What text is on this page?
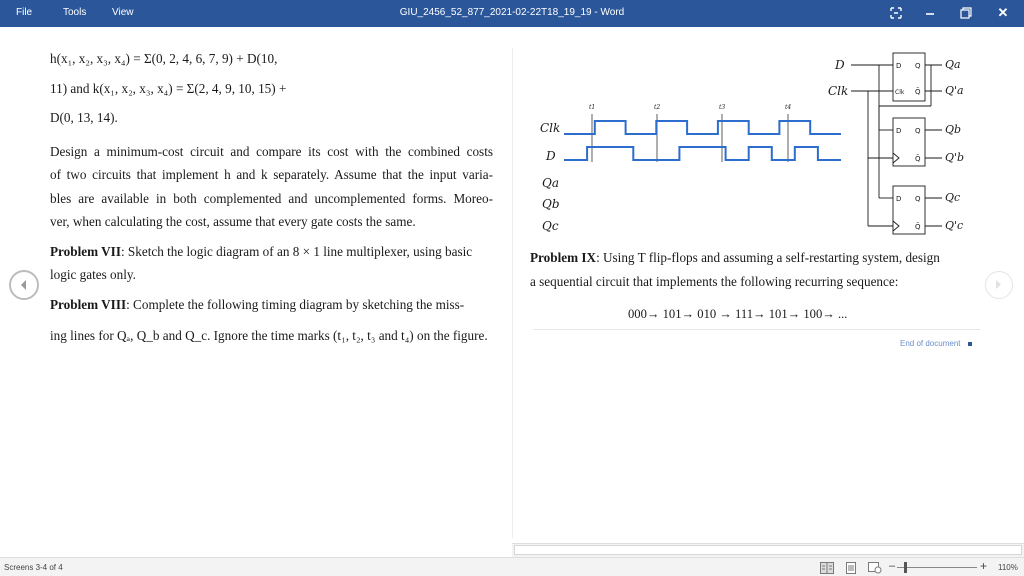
File	Tools	View	GIU_2456_52_877_2021-02-22T18_19_19 - Word	✕
h(x₁, x₂, x₃, x₄) = Σ(0, 2, 4, 6, 7, 9) + D(10,
11) and k(x₁, x₂, x₃, x₄) = Σ(2, 4, 9, 10, 15) +
D(0, 13, 14).
Design a minimum-cost circuit and compare its cost with the combined costs
of two circuits that implement h and k separately. Assume that the input varia-
bles are available in both complemented and uncomplemented forms. Moreo-
ver, when calculating the cost, assume that every gate costs the same.
Problem VII: Sketch the logic diagram of an 8 × 1 line multiplexer, using basic
logic gates only.
Problem VIII: Complete the following timing diagram by sketching the miss-
ing lines for Qₐ, Q_b and Q_c. Ignore the time marks (t₁, t₂, t₃ and t₄) on the figure.
Clk
D
Qa
Qb
Qc
t1	t2	t3	t4
D
Clk
D Q
Clk Q̄
D Q
Q̄
D Q
Q̄
Qa
Q'a
Qb
Q'b
Qc
Q'c
Problem IX: Using T flip-flops and assuming a self-restarting system, design
a sequential circuit that implements the following recurring sequence:
000→ 101→ 010 → 111→ 101→ 100→ ...
End of document
Screens 3-4 of 4	–	+ 110%
